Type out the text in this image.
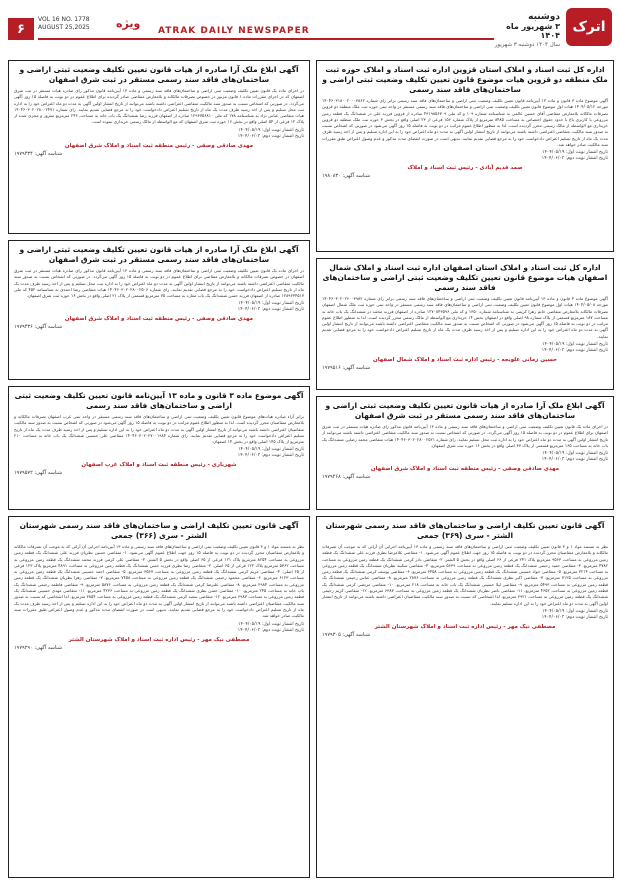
۶
VOL 16 NO. 1778
AUGUST 25,2025 ویژه
ATRAK DAILY NEWSPAPER
دوشنبه
۳ شهریور ماه ۱۴۰۴
سال ۱۴۰۴ دوشنبه ۳ شهریور
اترک
اداره کل ثبت اسناد و املاک استان قزوین اداره ثبت اسناد و املاک حوزه ثبت ملک منطقه دو قزوین هیات موضوع قانون تعیین تکلیف وضعیت ثبتی اراضی و ساختمان‌های فاقد سند رسمی
آگهی موضوع ماده ۳ قانون و ماده ۱۳ آیین‌نامه قانون تعیین تکلیف وضعیت ثبتی اراضی و ساختمان‌های فاقد سند رسمی برابر رای شماره ۱۴۰۴۶۰۳۱۸۰۰۲۰۰۰۳۸۶۲ مورخه ۱۴۰۴/۰۵/۱۲ هیات اول موضوع قانون تعیین تکلیف وضعیت ثبتی اراضی و ساختمان‌های فاقد سند رسمی مستقر در واحد ثبتی حوزه ثبت ملک منطقه دو قزوین تصرفات مالکانه بلامعارض متقاضی آقای حسین عالمی به شناسنامه شماره ۱۰۹ و کد ملی ۴۳۱۹۸۵۶۷۰۹ صادره از قزوین فرزند علی در ششدانگ یک قطعه زمین مزروعی با کاربری باغ با حدود حقوق اختصاص به مساحت ۸۴۸۵ مترمربع از پلاک شماره ۱۵۶ فرعی از ۲۳ اصلی واقع در بخش ۳ حوزه ثبت ملک منطقه دو قزوین خریداری مع الواسطه از مالک رسمی محرز گردیده است. لذا به منظور اطلاع عموم مراتب در دو نوبت به فاصله ۱۵ روز آگهی می‌شود در صورتی که اشخاص نسبت به صدور سند مالکیت متقاضی اعتراضی داشته باشند می‌توانند از تاریخ انتشار اولین آگهی به مدت دو ماه اعتراض خود را به این اداره تسلیم و پس از اخذ رسید ظرف مدت یک ماه از تاریخ تسلیم اعتراض دادخواست خود را به مرجع قضایی تقدیم نمایند. بدیهی است در صورت انقضای مدت مذکور و عدم وصول اعتراض طبق مقررات سند مالکیت صادر خواهد شد.
تاریخ انتشار نوبت اول: ۱۴۰۴/۰۵/۱۹
تاریخ انتشار نوبت دوم: ۱۴۰۴/۰۶/۰۳
صمد قدیم آبادی - رئیس ثبت اسناد و املاک
شناسه آگهی: ۱۹۸۰۸۳۰
آگهی ابلاغ ملک آرا صادره از هیات قانون تعیین تکلیف وضعیت ثبتی اراضی و ساختمان‌های فاقد سند رسمی مستقر در ثبت شرق اصفهان
در اجرای ماده یک قانون تعیین تکلیف وضعیت ثبتی اراضی و ساختمان‌های فاقد سند رسمی و ماده ۱۳ آیین‌نامه قانون مذکور رای صادره هیات مستقر در ثبت شرق اصفهان که در اجرای مقررات ماده ۱ قانون مزبور در خصوص تصرفات مالکانه و بلامعارض متقاضی صادر گردیده برای اطلاع عموم در دو نوبت به فاصله ۱۵ روز آگهی می‌گردد. در صورتی که اشخاص نسبت به صدور سند مالکیت متقاضی اعتراضی داشته باشند می‌توانند از تاریخ انتشار اولین آگهی به مدت دو ماه اعتراض خود را به اداره ثبت محل تسلیم و پس از اخذ رسید ظرف مدت یک ماه از تاریخ تسلیم اعتراض دادخواست خود را به مرجع قضایی تقدیم نمایند. رای شماره ۱۴۰۴۶۰۳۰۲۰۲۸۰۰۲۴۷۱ هیات متقاضی عباس نژاد به شناسنامه ۱۷۸ کد ملی ۱۲۹۳۷۵۶۸۱۰ صادره از اصفهان فرزند رضا ششدانگ یک باب خانه به مساحت ۲۴۶ مترمربع مفروز و مجزی شده از پلاک ۱۲ فرعی از ۵۴ اصلی واقع در بخش ۱۶ حوزه ثبت شرق اصفهان که مع الواسطه از مالک رسمی خریداری نموده است.
تاریخ انتشار نوبت اول: ۱۴۰۴/۰۵/۱۹
تاریخ انتشار نوبت دوم: ۱۴۰۴/۰۶/۰۳
مهدی صادقی وصفی - رئیس منطقه ثبت اسناد و املاک شرق اصفهان
شناسه آگهی: ۱۹۷۹۴۳۴
اداره کل ثبت اسناد و املاک استان اصفهان اداره ثبت اسناد و املاک شمال اصفهان هیات موضوع قانون تعیین تکلیف وضعیت ثبتی اراضی و ساختمان‌های فاقد سند رسمی
آگهی موضوع ماده ۳ قانون و ماده ۱۳ آیین‌نامه قانون تعیین تکلیف وضعیت ثبتی اراضی و ساختمان‌های فاقد سند رسمی برابر رای شماره ۱۴۰۴۶۰۳۰۲۰۲۶۰۰۳۹۸۲ مورخه ۱۴۰۴/۰۵/۰۸ هیات اول موضوع قانون تعیین تکلیف وضعیت ثبتی اراضی و ساختمان‌های فاقد سند رسمی مستقر در واحد ثبتی حوزه ثبت ملک شمال اصفهان تصرفات مالکانه بلامعارض متقاضی خانم زهرا کریمی به شناسنامه شماره ۱۳۵۰ و کد ملی ۱۲۷۰۸۴۳۵۹۶ صادره از اصفهان فرزند محمد در ششدانگ یک باب خانه به مساحت ۱۸۷ مترمربع قسمتی از پلاک شماره ۹۸ اصلی واقع در اصفهان بخش ۱۴ خریداری مع الواسطه از مالک رسمی محرز گردیده است. لذا به منظور اطلاع عموم مراتب در دو نوبت به فاصله ۱۵ روز آگهی می‌شود در صورتی که اشخاص نسبت به صدور سند مالکیت متقاضی اعتراضی داشته باشند می‌توانند از تاریخ انتشار اولین آگهی به مدت دو ماه اعتراض خود را به این اداره تسلیم و پس از اخذ رسید ظرف مدت یک ماه از تاریخ تسلیم اعتراض دادخواست خود را به مرجع قضایی تقدیم نمایند.
تاریخ انتشار نوبت اول: ۱۴۰۴/۰۵/۱۹
تاریخ انتشار نوبت دوم: ۱۴۰۴/۰۶/۰۳
حسین زمانی علویجه - رئیس اداره ثبت اسناد و املاک شمال اصفهان
شناسه آگهی: ۱۹۷۹۵۱۶
آگهی ابلاغ ملک آرا صادره از هیات قانون تعیین تکلیف وضعیت ثبتی اراضی و ساختمان‌های فاقد سند رسمی مستقر در ثبت شرق اصفهان
در اجرای ماده یک قانون تعیین تکلیف وضعیت ثبتی اراضی و ساختمان‌های فاقد سند رسمی و ماده ۱۳ آیین‌نامه قانون مذکور رای صادره هیات مستقر در ثبت شرق اصفهان در خصوص تصرفات مالکانه و بلامعارض متقاضی برای اطلاع عموم در دو نوبت به فاصله ۱۵ روز آگهی می‌گردد. در صورتی که اشخاص نسبت به صدور سند مالکیت متقاضی اعتراضی داشته باشند می‌توانند از تاریخ انتشار اولین آگهی به مدت دو ماه اعتراض خود را به اداره ثبت محل تسلیم و پس از اخذ رسید ظرف مدت یک ماه از تاریخ تسلیم اعتراض دادخواست خود را به مرجع قضایی تقدیم نمایند. رای شماره ۱۴۰۴۶۰۳۰۲۰۲۸۰۰۲۵۰۶ هیات متقاضی رضا احمدی به شناسنامه ۴۵۲ کد ملی ۱۲۸۹۶۳۴۵۱۷ صادره از اصفهان فرزند حسن ششدانگ یک باب مغازه به مساحت ۷۵ مترمربع قسمتی از پلاک ۲۱ اصلی واقع در بخش ۱۶ حوزه ثبت شرق اصفهان.
تاریخ انتشار نوبت اول: ۱۴۰۴/۰۵/۱۹
تاریخ انتشار نوبت دوم: ۱۴۰۴/۰۶/۰۳
مهدی صادقی وصفی - رئیس منطقه ثبت اسناد و املاک شرق اصفهان
شناسه آگهی: ۱۹۷۹۴۳۶
آگهی ابلاغ ملک آرا صادره از هیات قانون تعیین تکلیف وضعیت ثبتی اراضی و ساختمان‌های فاقد سند رسمی مستقر در ثبت شرق اصفهان
در اجرای ماده یک قانون تعیین تکلیف وضعیت ثبتی اراضی و ساختمان‌های فاقد سند رسمی و ماده ۱۳ آیین‌نامه قانون مذکور رای صادره هیات مستقر در ثبت شرق اصفهان برای اطلاع عموم در دو نوبت به فاصله ۱۵ روز آگهی می‌گردد. در صورتی که اشخاص نسبت به صدور سند مالکیت متقاضی اعتراضی داشته باشند می‌توانند از تاریخ انتشار اولین آگهی به مدت دو ماه اعتراض خود را به اداره ثبت محل تسلیم نمایند. رای شماره ۱۴۰۴۶۰۳۰۲۰۲۸۰۰۲۵۲۱ هیات متقاضی محمد رضایی ششدانگ یک باب خانه به مساحت ۱۶۵ مترمربع قسمتی از پلاک ۳۷ اصلی واقع در بخش ۱۶ حوزه ثبت شرق اصفهان.
تاریخ انتشار نوبت اول: ۱۴۰۴/۰۵/۱۹
تاریخ انتشار نوبت دوم: ۱۴۰۴/۰۶/۰۳
مهدی صادقی وصفی - رئیس منطقه ثبت اسناد و املاک شرق اصفهان
شناسه آگهی: ۱۹۷۹۴۶۸
آگهی موضوع ماده ۳ قانون و ماده ۱۳ آیین‌نامه قانون تعیین تکلیف وضعیت ثبتی اراضی و ساختمان‌های فاقد سند رسمی
برابر آراء صادره هیات‌های موضوع قانون تعیین تکلیف وضعیت ثبتی اراضی و ساختمان‌های فاقد سند رسمی مستقر در واحد ثبتی غرب اصفهان تصرفات مالکانه و بلامعارض متقاضیان محرز گردیده است. لذا به منظور اطلاع عموم مراتب در دو نوبت به فاصله ۱۵ روز آگهی می‌شود در صورتی که اشخاص نسبت به صدور سند مالکیت متقاضیان اعتراضی داشته باشند می‌توانند از تاریخ انتشار اولین آگهی به مدت دو ماه اعتراض خود را به این اداره تسلیم و پس از اخذ رسید ظرف مدت یک ماه از تاریخ تسلیم اعتراض دادخواست خود را به مرجع قضایی تقدیم نمایند. رای شماره ۱۴۰۴۶۰۳۰۲۰۲۷۰۰۱۹۸۴ متقاضی علی حسینی ششدانگ یک باب خانه به مساحت ۲۱۰ مترمربع از پلاک ۱۴۵ اصلی واقع در بخش ۱۴ اصفهان.
تاریخ انتشار نوبت اول: ۱۴۰۴/۰۵/۱۹
تاریخ انتشار نوبت دوم: ۱۴۰۴/۰۶/۰۳
شهریاری - رئیس منطقه ثبت اسناد و املاک غرب اصفهان
شناسه آگهی: ۱۹۷۹۵۷۲
آگهی قانون تعیین تکلیف اراضی و ساختمان‌های فاقد سند رسمی شهرستان الشتر - سری (۳۶۶) جمعی
نظر به مستند مواد ۱ و ۳ قانون تعیین تکلیف وضعیت ثبتی اراضی و ساختمان‌های فاقد سند رسمی و ماده ۱۳ آیین‌نامه اجرایی آن آرائی که به موجب آن تصرفات مالکانه و بلامعارض متقاضیان محرز گردیده در دو نوبت به فاصله ۱۵ روز جهت اطلاع عموم آگهی می‌شود. ۱- متقاضی حسین نظریان فرزند علی ششدانگ یک قطعه زمین مزروعی به مساحت ۸۲۵۴ مترمربع پلاک ۱۲۱ فرعی از ۶۵ اصلی واقع در بخش ۵ الشتر. ۲- متقاضی علی کرمی فرزند محمد ششدانگ یک قطعه زمین مزروعی به مساحت ۵۳۶۲ مترمربع پلاک ۱۲۲ فرعی از ۶۵ اصلی. ۳- متقاضی رضا نظری فرزند حسن ششدانگ یک قطعه زمین مزروعی به مساحت ۴۸۹۱ مترمربع پلاک ۱۲۳ فرعی از ۶۵ اصلی. ۴- متقاضی مریم کرمی ششدانگ یک قطعه زمین مزروعی به مساحت ۳۵۶۷ مترمربع. ۵- متقاضی احمد حسینی ششدانگ یک قطعه زمین مزروعی به مساحت ۶۱۲۳ مترمربع. ۶- متقاضی محمود رحیمی ششدانگ یک قطعه زمین مزروعی به مساحت ۷۴۵۸ مترمربع. ۷- متقاضی زهرا نظریان ششدانگ یک قطعه زمین مزروعی به مساحت ۲۹۸۴ مترمربع. ۸- متقاضی علیرضا کرمی ششدانگ یک قطعه زمین مزروعی به مساحت ۵۸۷۶ مترمربع. ۹- متقاضی فاطمه رحیمی ششدانگ یک باب خانه به مساحت ۲۴۵ مترمربع. ۱۰- متقاضی حسن نظری ششدانگ یک قطعه زمین مزروعی به مساحت ۴۲۳۶ مترمربع. ۱۱- متقاضی مهدی حسینی ششدانگ یک قطعه زمین مزروعی به مساحت ۶۹۸۷ مترمربع. ۱۲- متقاضی سعید کرمی ششدانگ یک قطعه زمین مزروعی به مساحت ۳۸۵۴ مترمربع. لذا اشخاصی که نسبت به صدور سند مالکیت متقاضیان اعتراضی داشته باشند می‌توانند از تاریخ انتشار اولین آگهی به مدت دو ماه اعتراض خود را به این اداره تسلیم و پس از اخذ رسید ظرف مدت یک ماه از تاریخ تسلیم اعتراض دادخواست خود را به مرجع قضایی تقدیم نمایند. بدیهی است در صورت انقضای مدت مذکور و عدم وصول اعتراض طبق مقررات سند مالکیت صادر خواهد شد.
تاریخ انتشار نوبت اول: ۱۴۰۴/۰۵/۱۹
تاریخ انتشار نوبت دوم: ۱۴۰۴/۰۶/۰۳
مصطفی نیک مهر - رئیس اداره ثبت اسناد و املاک شهرستان الشتر
شناسه آگهی: ۱۹۷۹۲۹۰
آگهی قانون تعیین تکلیف اراضی و ساختمان‌های فاقد سند رسمی شهرستان الشتر - سری (۳۶۹) جمعی
نظر به مستند مواد ۱ و ۳ قانون تعیین تکلیف وضعیت ثبتی اراضی و ساختمان‌های فاقد سند رسمی و ماده ۱۳ آیین‌نامه اجرایی آن آرائی که به موجب آن تصرفات مالکانه و بلامعارض متقاضیان محرز گردیده در دو نوبت به فاصله ۱۵ روز جهت اطلاع عموم آگهی می‌شود. ۱- متقاضی غلامرضا نظری فرزند علی ششدانگ یک قطعه زمین مزروعی به مساحت ۹۵۶۳ مترمربع پلاک ۲۴۱ فرعی از ۶۶ اصلی واقع در بخش ۵ الشتر. ۲- متقاضی نادر کرمی ششدانگ یک قطعه زمین مزروعی به مساحت ۴۷۸۲ مترمربع. ۳- متقاضی حمید رحیمی ششدانگ یک قطعه زمین مزروعی به مساحت ۵۶۳۹ مترمربع. ۴- متقاضی سکینه نظریان ششدانگ یک قطعه زمین مزروعی به مساحت ۳۲۱۴ مترمربع. ۵- متقاضی جواد حسینی ششدانگ یک قطعه زمین مزروعی به مساحت ۶۴۵۸ مترمربع. ۶- متقاضی یوسف کرمی ششدانگ یک قطعه زمین مزروعی به مساحت ۷۱۲۵ مترمربع. ۷- متقاضی اکبر نظری ششدانگ یک قطعه زمین مزروعی به مساحت ۲۸۷۶ مترمربع. ۸- متقاضی عباس رحیمی ششدانگ یک قطعه زمین مزروعی به مساحت ۵۴۹۳ مترمربع. ۹- متقاضی لیلا حسینی ششدانگ یک باب خانه به مساحت ۲۱۸ مترمربع. ۱۰- متقاضی مرتضی کرمی ششدانگ یک قطعه زمین مزروعی به مساحت ۴۶۵۲ مترمربع. ۱۱- متقاضی ناصر نظریان ششدانگ یک قطعه زمین مزروعی به مساحت ۶۳۸۷ مترمربع. ۱۲- متقاضی کریم رحیمی ششدانگ یک قطعه زمین مزروعی به مساحت ۳۹۲۱ مترمربع. لذا اشخاصی که نسبت به صدور سند مالکیت متقاضیان اعتراضی داشته باشند می‌توانند از تاریخ انتشار اولین آگهی به مدت دو ماه اعتراض خود را به این اداره تسلیم نمایند.
تاریخ انتشار نوبت اول: ۱۴۰۴/۰۵/۱۹
تاریخ انتشار نوبت دوم: ۱۴۰۴/۰۶/۰۳
مصطفی نیک مهر - رئیس اداره ثبت اسناد و املاک شهرستان الشتر
شناسه آگهی: ۱۹۷۹۳۰۵
